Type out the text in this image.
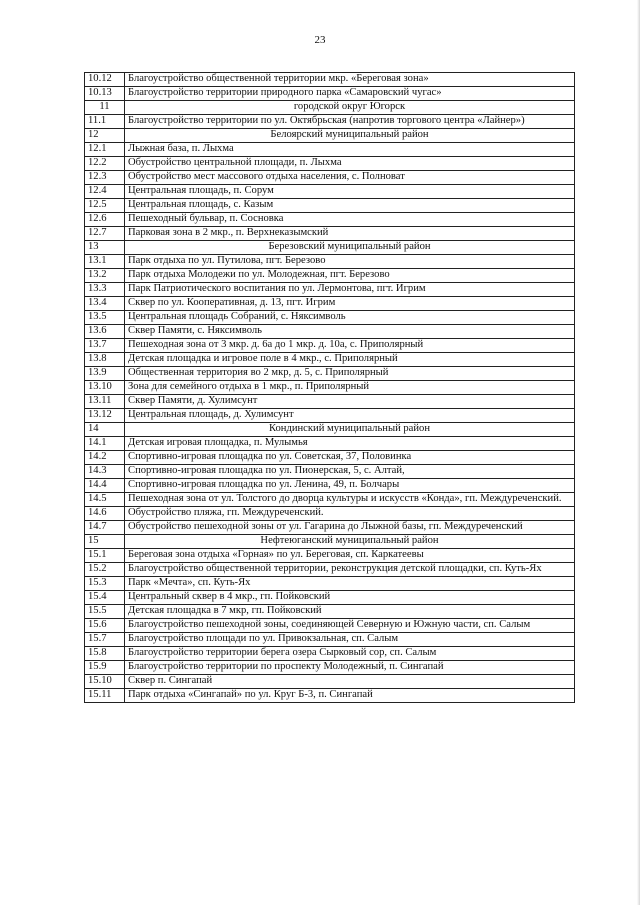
23
10.12	Благоустройство общественной территории мкр. «Береговая зона»
10.13	Благоустройство территории природного парка «Самаровский чугас»
11	городской округ Югорск
11.1	Благоустройство территории по ул. Октябрьская (напротив торгового центра «Лайнер»)
12	Белоярский муниципальный район
12.1	Лыжная база, п. Лыхма
12.2	Обустройство центральной площади, п. Лыхма
12.3	Обустройство мест массового отдыха населения, с. Полноват
12.4	Центральная площадь, п. Сорум
12.5	Центральная площадь, с. Казым
12.6	Пешеходный бульвар, п. Сосновка
12.7	Парковая зона в 2 мкр., п. Верхнеказымский
13	Березовский муниципальный район
13.1	Парк отдыха по ул. Путилова, пгт. Березово
13.2	Парк отдыха Молодежи по ул. Молодежная, пгт. Березово
13.3	Парк Патриотического воспитания по ул. Лермонтова, пгт. Игрим
13.4	Сквер по ул. Кооперативная, д. 13, пгт. Игрим
13.5	Центральная площадь Собраний, с. Няксимволь
13.6	Сквер Памяти, с. Няксимволь
13.7	Пешеходная зона от 3 мкр. д. 6а до 1 мкр. д. 10а, с. Приполярный
13.8	Детская площадка и игровое поле в 4 мкр., с. Приполярный
13.9	Общественная территория во 2 мкр, д. 5, с. Приполярный
13.10	Зона для семейного отдыха в 1 мкр., п. Приполярный
13.11	Сквер Памяти, д. Хулимсунт
13.12	Центральная площадь, д. Хулимсунт
14	Кондинский муниципальный район
14.1	Детская игровая площадка, п. Мулымья
14.2	Спортивно-игровая площадка по ул. Советская, 37, Половинка
14.3	Спортивно-игровая площадка по ул. Пионерская, 5, с. Алтай,
14.4	Спортивно-игровая площадка по ул. Ленина, 49, п. Болчары
14.5	Пешеходная зона от ул. Толстого до дворца культуры и искусств «Конда», гп. Междуреченский.
14.6	Обустройство пляжа, гп. Междуреченский.
14.7	Обустройство пешеходной зоны от ул. Гагарина до Лыжной базы, гп. Междуреченский
15	Нефтеюганский муниципальный район
15.1	Береговая зона отдыха «Горная» по ул. Береговая, сп. Каркатеевы
15.2	Благоустройство общественной территории, реконструкция детской площадки, сп. Куть-Ях
15.3	Парк «Мечта», сп. Куть-Ях
15.4	Центральный сквер в 4 мкр., гп. Пойковский
15.5	Детская площадка в 7 мкр, гп. Пойковский
15.6	Благоустройство пешеходной зоны, соединяющей Северную и Южную части, сп. Салым
15.7	Благоустройство площади по ул. Привокзальная, сп. Салым
15.8	Благоустройство территории берега озера Сырковый сор, сп. Салым
15.9	Благоустройство территории по проспекту Молодежный, п. Сингапай
15.10	Сквер п. Сингапай
15.11	Парк отдыха «Сингапай» по ул. Круг Б-3, п. Сингапай
